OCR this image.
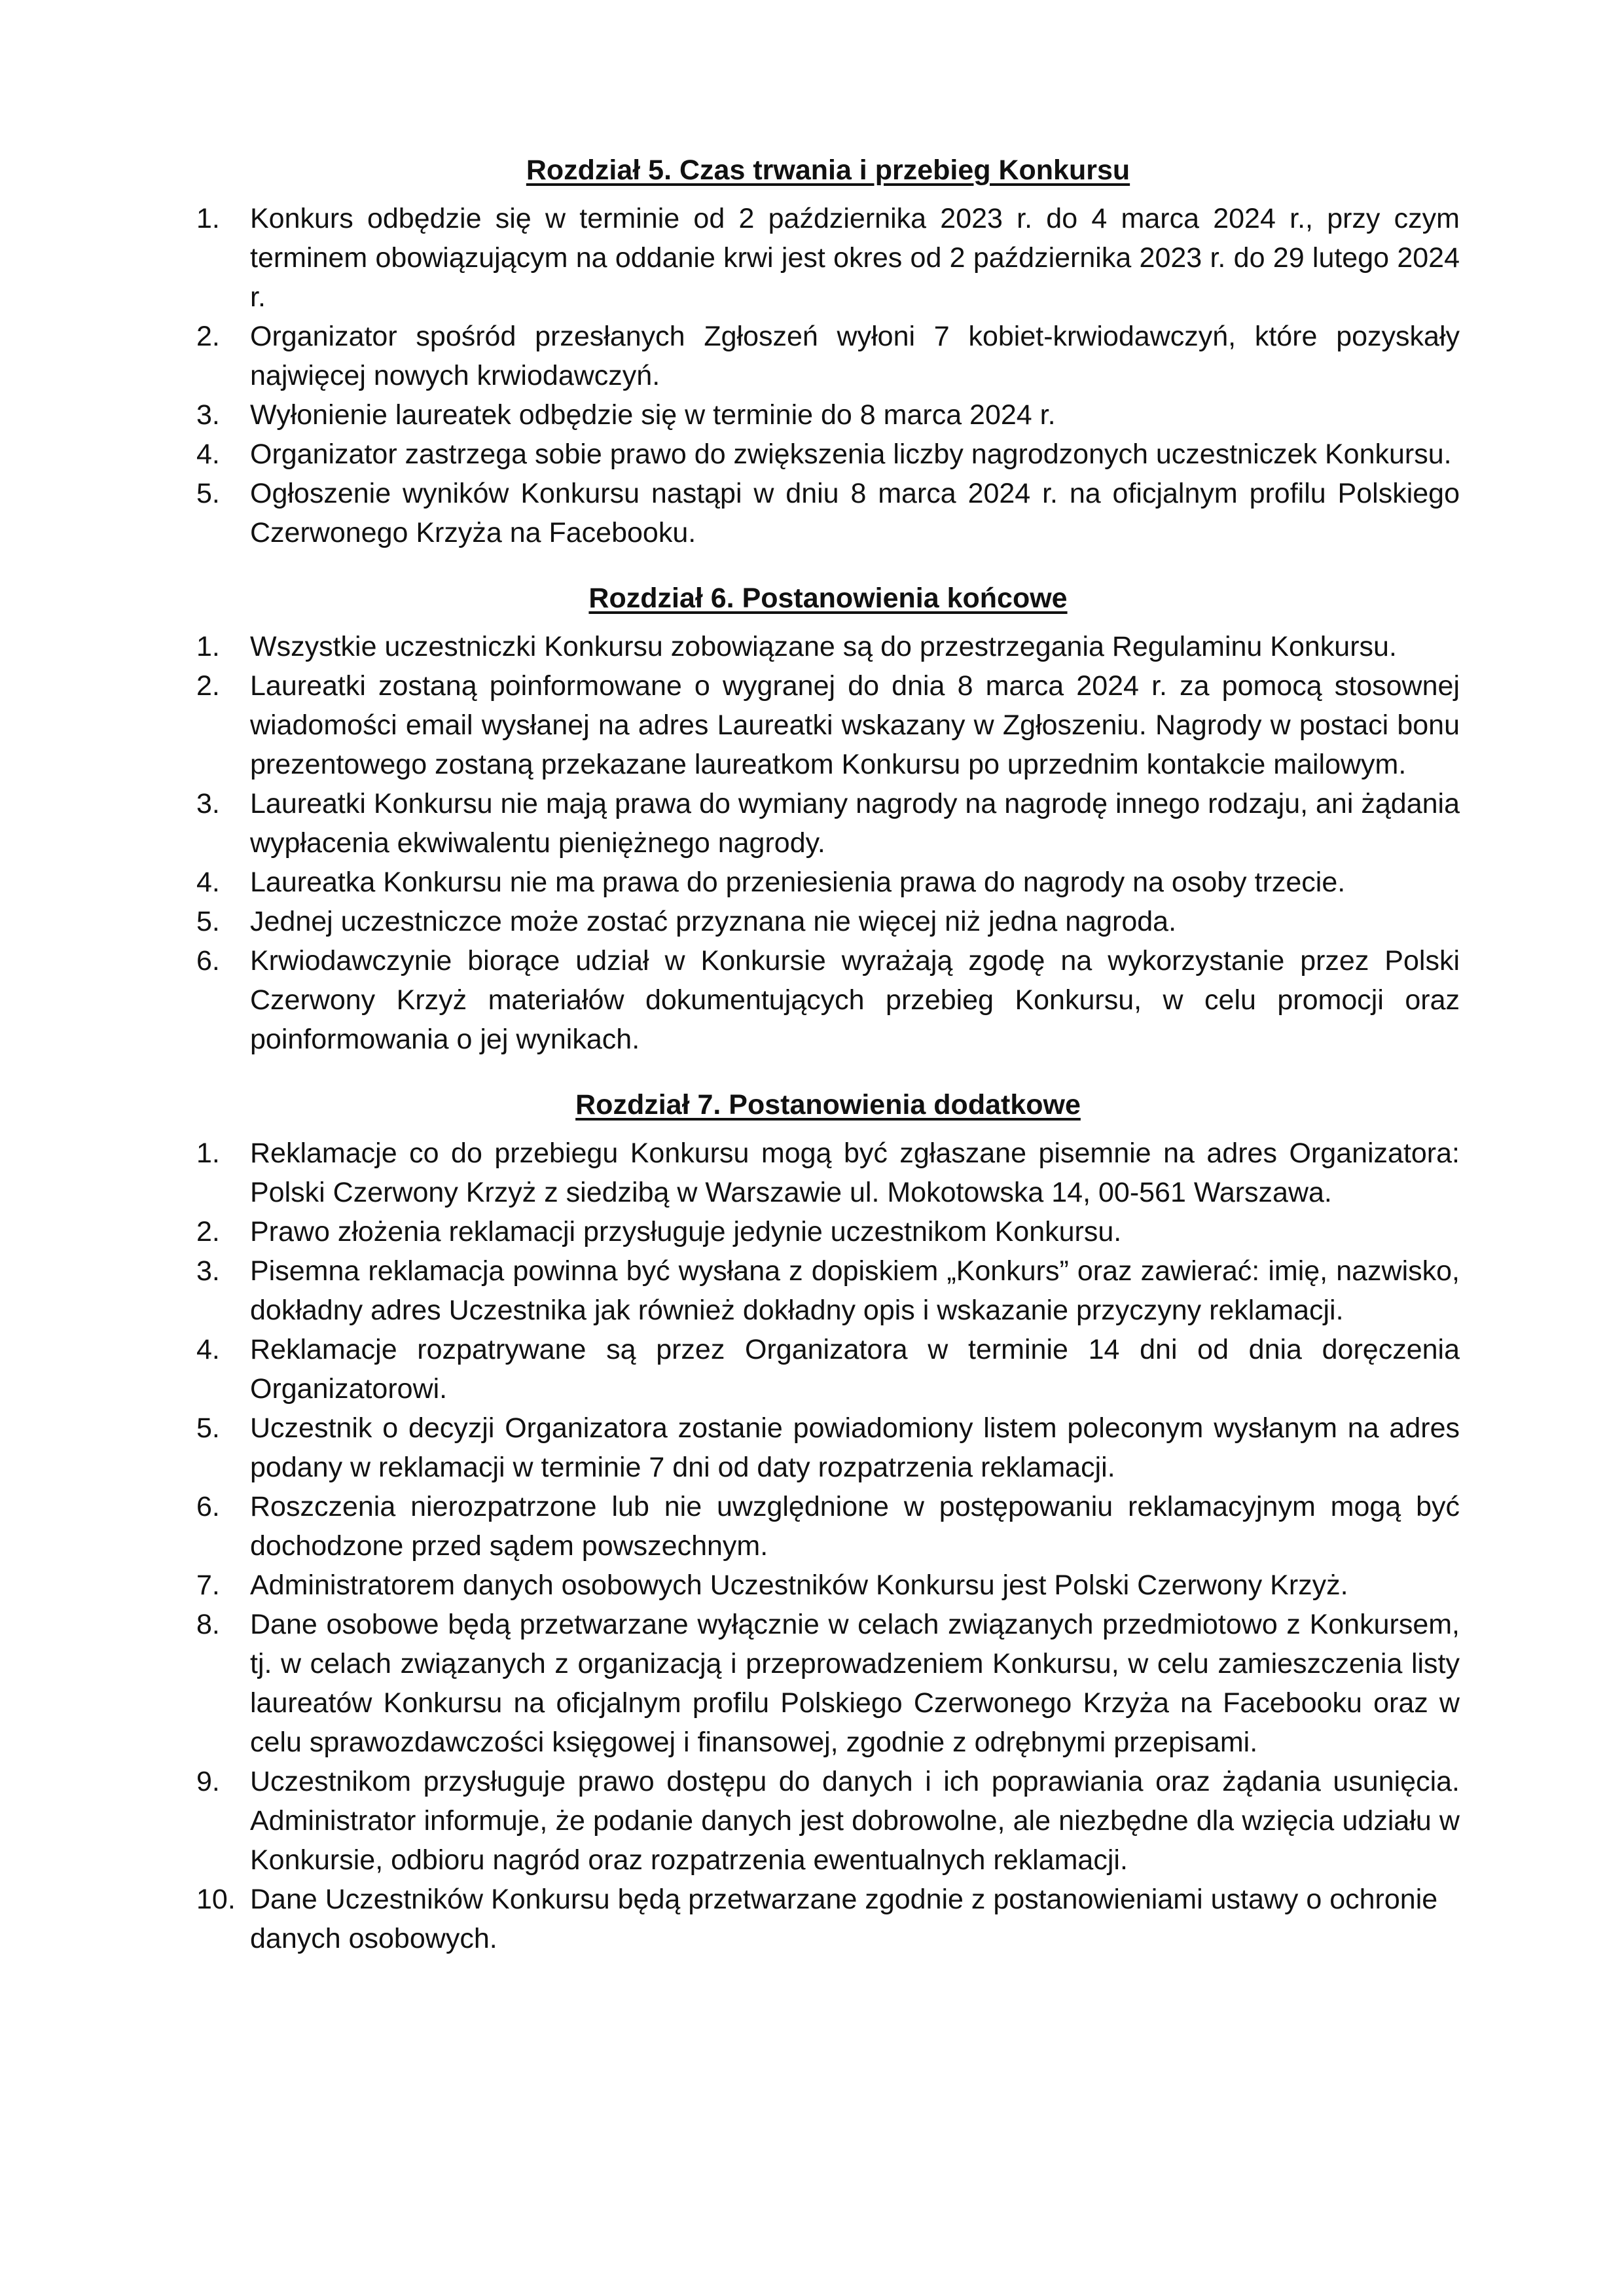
Rozdział 5. Czas trwania i przebieg Konkursu
1.	Konkurs odbędzie się w terminie od 2 października 2023 r. do 4 marca 2024 r., przy czym terminem obowiązującym na oddanie krwi jest okres od 2 października 2023 r. do 29 lutego 2024 r.
2.	Organizator spośród przesłanych Zgłoszeń wyłoni 7 kobiet-krwiodawczyń, które pozyskały najwięcej nowych krwiodawczyń.
3.	Wyłonienie laureatek odbędzie się w terminie do 8 marca 2024 r.
4.	Organizator zastrzega sobie prawo do zwiększenia liczby nagrodzonych uczestniczek Konkursu.
5.	Ogłoszenie wyników Konkursu nastąpi w dniu 8 marca 2024 r. na oficjalnym profilu Polskiego Czerwonego Krzyża na Facebooku.
Rozdział 6. Postanowienia końcowe
1.	Wszystkie uczestniczki Konkursu zobowiązane są do przestrzegania Regulaminu Konkursu.
2.	Laureatki zostaną poinformowane o wygranej do dnia 8 marca 2024 r. za pomocą stosownej wiadomości email wysłanej na adres Laureatki wskazany w Zgłoszeniu. Nagrody w postaci bonu prezentowego zostaną przekazane laureatkom Konkursu po uprzednim kontakcie mailowym.
3.	Laureatki Konkursu nie mają prawa do wymiany nagrody na nagrodę innego rodzaju, ani żądania wypłacenia ekwiwalentu pieniężnego nagrody.
4.	Laureatka Konkursu nie ma prawa do przeniesienia prawa do nagrody na osoby trzecie.
5.	Jednej uczestniczce może zostać przyznana nie więcej niż jedna nagroda.
6.	Krwiodawczynie biorące udział w Konkursie wyrażają zgodę na wykorzystanie przez Polski Czerwony Krzyż materiałów dokumentujących przebieg Konkursu, w celu promocji oraz poinformowania o jej wynikach.
Rozdział 7. Postanowienia dodatkowe
1.	Reklamacje co do przebiegu Konkursu mogą być zgłaszane pisemnie na adres Organizatora: Polski Czerwony Krzyż z siedzibą w Warszawie ul. Mokotowska 14, 00-561 Warszawa.
2.	Prawo złożenia reklamacji przysługuje jedynie uczestnikom Konkursu.
3.	Pisemna reklamacja powinna być wysłana z dopiskiem „Konkurs” oraz zawierać: imię, nazwisko, dokładny adres Uczestnika jak również dokładny opis i wskazanie przyczyny reklamacji.
4.	Reklamacje rozpatrywane są przez Organizatora w terminie 14 dni od dnia doręczenia Organizatorowi.
5.	Uczestnik o decyzji Organizatora zostanie powiadomiony listem poleconym wysłanym na adres podany w reklamacji w terminie 7 dni od daty rozpatrzenia reklamacji.
6.	Roszczenia nierozpatrzone lub nie uwzględnione w postępowaniu reklamacyjnym mogą być dochodzone przed sądem powszechnym.
7.	Administratorem danych osobowych Uczestników Konkursu jest Polski Czerwony Krzyż.
8.	Dane osobowe będą przetwarzane wyłącznie w celach związanych przedmiotowo z Konkursem, tj. w celach związanych z organizacją i przeprowadzeniem Konkursu, w celu zamieszczenia listy laureatów Konkursu na oficjalnym profilu Polskiego Czerwonego Krzyża na Facebooku oraz w celu sprawozdawczości księgowej i finansowej, zgodnie z odrębnymi przepisami.
9.	Uczestnikom przysługuje prawo dostępu do danych i ich poprawiania oraz żądania usunięcia. Administrator informuje, że podanie danych jest dobrowolne, ale niezbędne dla wzięcia udziału w Konkursie, odbioru nagród oraz rozpatrzenia ewentualnych reklamacji.
10. Dane Uczestników Konkursu będą przetwarzane zgodnie z postanowieniami ustawy o ochronie danych osobowych.
